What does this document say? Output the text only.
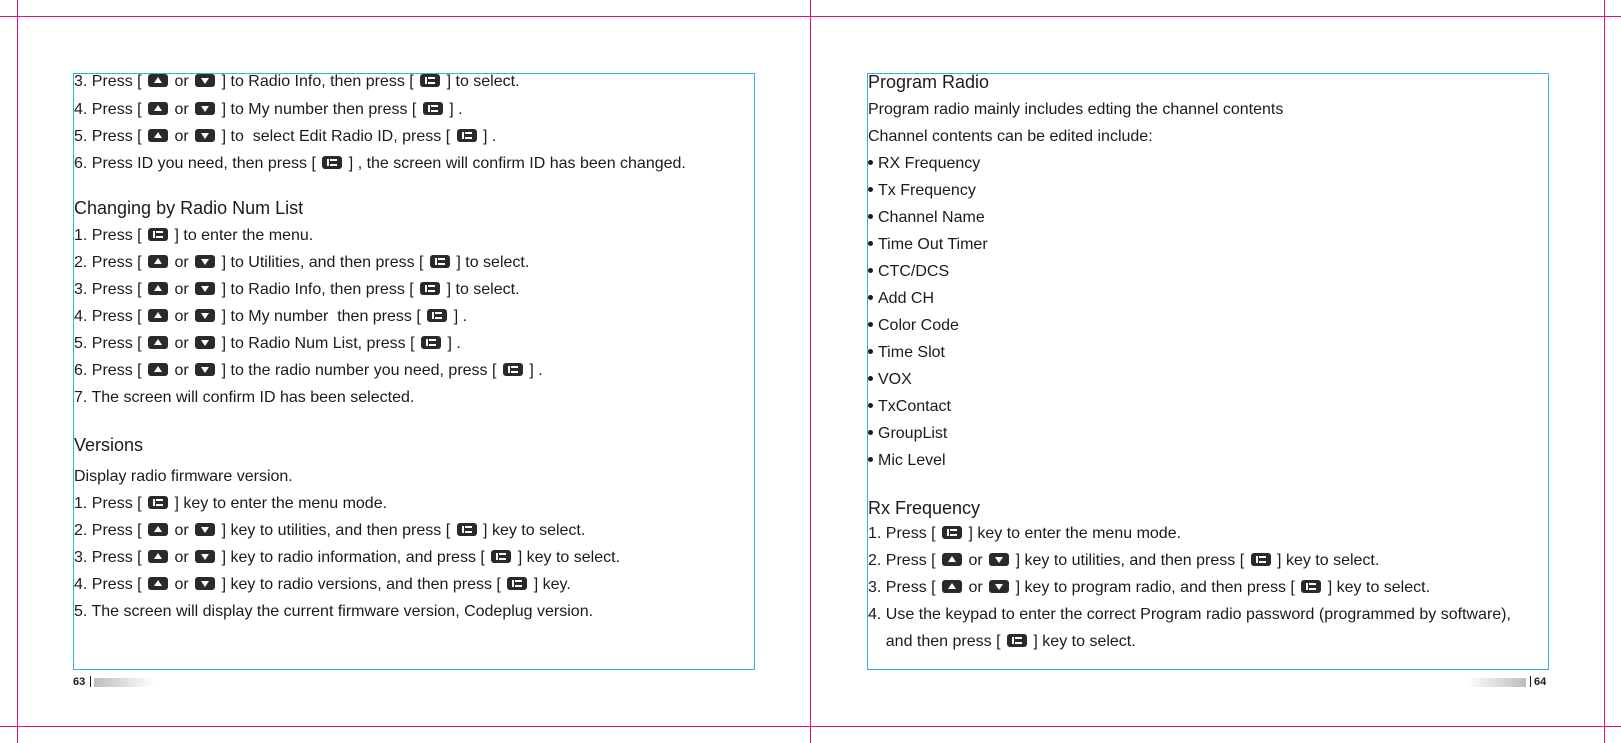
3. Press [  or  ] to Radio Info, then press [  ] to select.
4. Press [  or  ] to My number then press [  ] .
5. Press [  or  ] to  select Edit Radio ID, press [  ] .
6. Press ID you need, then press [  ] , the screen will confirm ID has been changed.
Changing by Radio Num List
1. Press [  ] to enter the menu.
2. Press [  or  ] to Utilities, and then press [  ] to select.
3. Press [  or  ] to Radio Info, then press [  ] to select.
4. Press [  or  ] to My number  then press [  ] .
5. Press [  or  ] to Radio Num List, press [  ] .
6. Press [  or  ] to the radio number you need, press [  ] .
7. The screen will confirm ID has been selected.
Versions
Display radio firmware version.
1. Press [  ] key to enter the menu mode.
2. Press [  or  ] key to utilities, and then press [  ] key to select.
3. Press [  or  ] key to radio information, and press [  ] key to select.
4. Press [  or  ] key to radio versions, and then press [  ] key.
5. The screen will display the current firmware version, Codeplug version.
Program Radio
Program radio mainly includes edting the channel contents
Channel contents can be edited include:
RX Frequency
Tx Frequency
Channel Name
Time Out Timer
CTC/DCS
Add CH
Color Code
Time Slot
VOX
TxContact
GroupList
Mic Level
Rx Frequency
1. Press [  ] key to enter the menu mode.
2. Press [  or  ] key to utilities, and then press [  ] key to select.
3. Press [  or  ] key to program radio, and then press [  ] key to select.
4. Use the keypad to enter the correct Program radio password (programmed by software),
and then press [  ] key to select.
63	64
